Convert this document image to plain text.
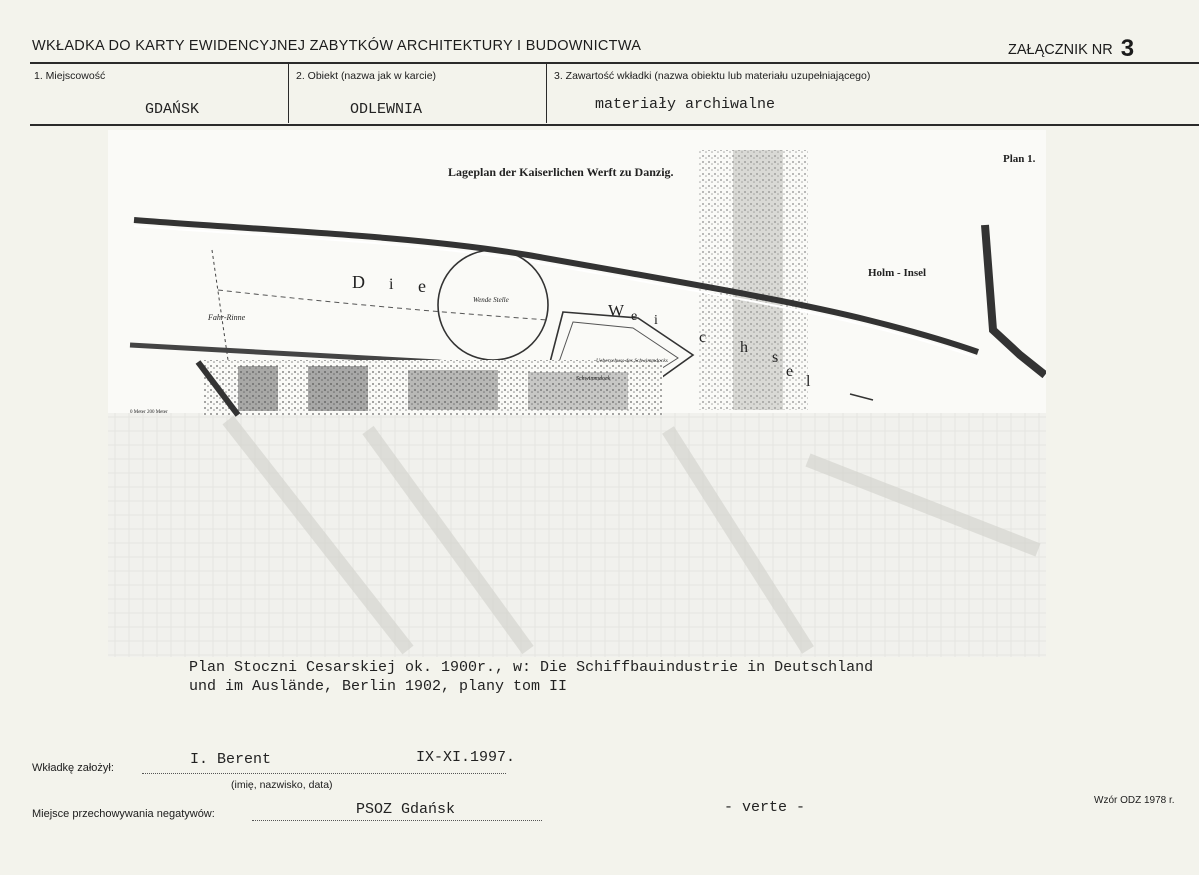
WKŁADKA DO KARTY EWIDENCYJNEJ ZABYTKÓW ARCHITEKTURY I BUDOWNICTWA	ZAŁĄCZNIK NR 3
1. Miejscowość	2. Obiekt (nazwa jak w karcie)	3. Zawartość wkładki (nazwa obiektu lub materiału uzupełniającego)
GDAŃSK	ODLEWNIA	materiały archiwalne
Lageplan der Kaiserlichen Werft zu Danzig.
Plan 1.
Holm - Insel
Fahr-Rinne
Wende Stelle
Ueberschuss des Schwimmdocks
Schwimmdock
0 Meter 200 Meter
D i e
W e i
c
h
s
e
l
Plan Stoczni Cesarskiej ok. 1900r., w: Die Schiffbauindustrie in Deutschland
und im Auslände, Berlin 1902, plany tom II
Wkładkę założył:	I. Berent	IX-XI.1997.
(imię, nazwisko, data)
Miejsce przechowywania negatywów:	PSOZ Gdańsk	- verte -	Wzór ODZ 1978 r.
